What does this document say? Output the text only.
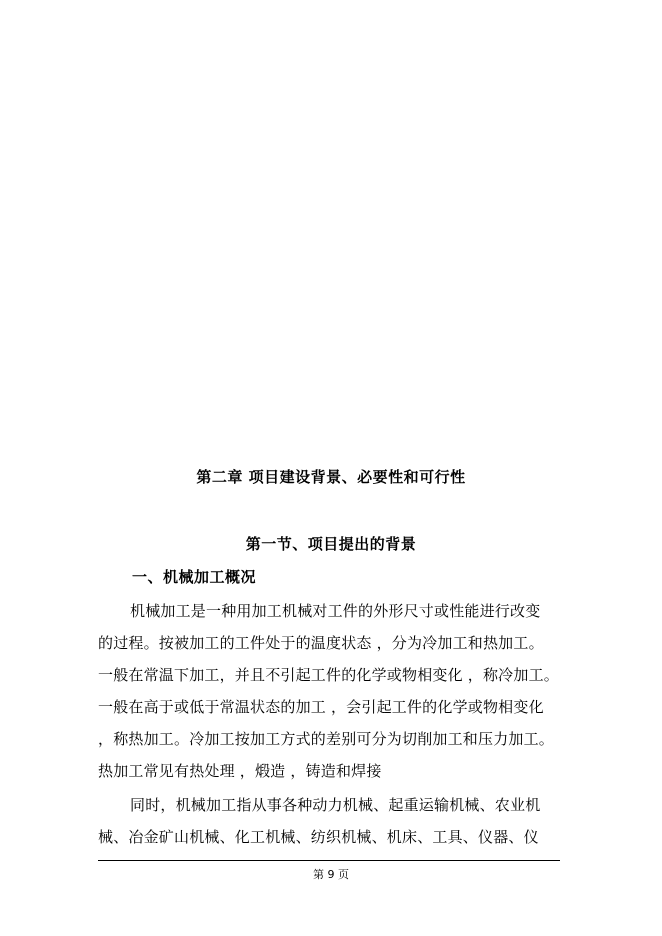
第二章 项目建设背景、必要性和可行性
第一节、项目提出的背景
一、机械加工概况
机械加工是一种用加工机械对工件的外形尺寸或性能进行改变
的过程。按被加工的工件处于的温度状态 ，分为冷加工和热加工。
一般在常温下加工，并且不引起工件的化学或物相变化 ，称冷加工。
一般在高于或低于常温状态的加工 ，会引起工件的化学或物相变化
，称热加工。冷加工按加工方式的差别可分为切削加工和压力加工。
热加工常见有热处理 ，煅造 ，铸造和焊接
同时，机械加工指从事各种动力机械、起重运输机械、农业机
械、冶金矿山机械、化工机械、纺织机械、机床、工具、仪器、仪
第 9 页
